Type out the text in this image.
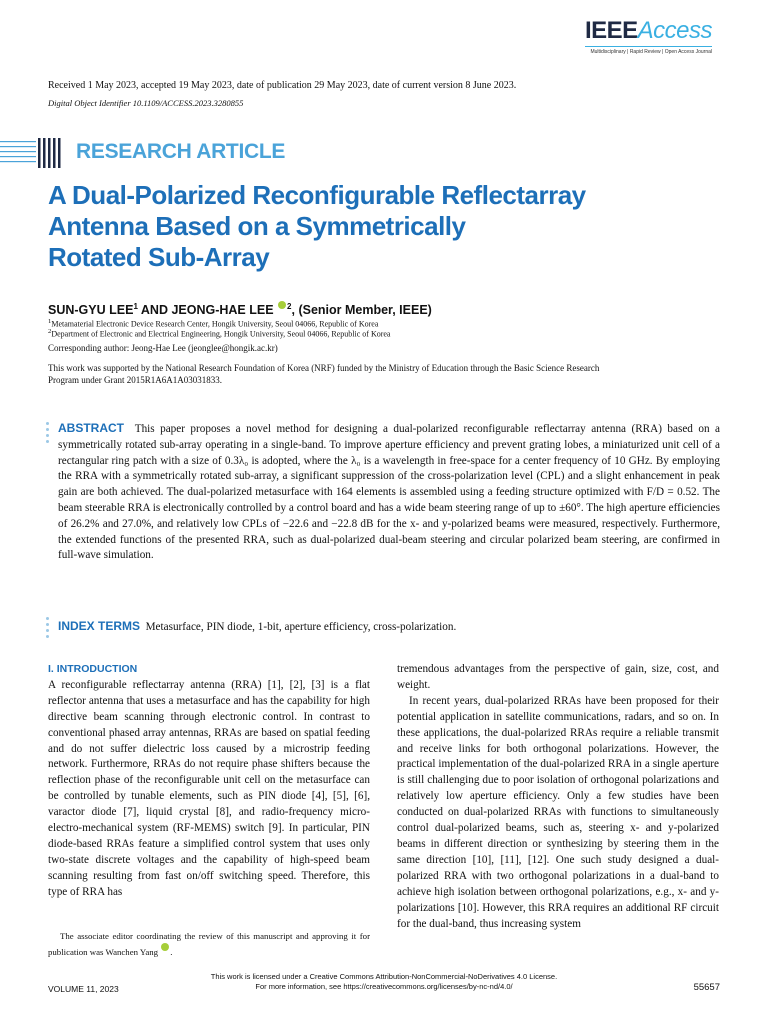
IEEEAccess
Multidisciplinary | Rapid Review | Open Access Journal
Received 1 May 2023, accepted 19 May 2023, date of publication 29 May 2023, date of current version 8 June 2023.
Digital Object Identifier 10.1109/ACCESS.2023.3280855
RESEARCH ARTICLE
A Dual-Polarized Reconfigurable Reflectarray
Antenna Based on a Symmetrically
Rotated Sub-Array
SUN-GYU LEE$^1$ AND JEONG-HAE LEE $^2$, (Senior Member, IEEE)
$^1$Metamaterial Electronic Device Research Center, Hongik University, Seoul 04066, Republic of Korea
$^2$Department of Electronic and Electrical Engineering, Hongik University, Seoul 04066, Republic of Korea
Corresponding author: Jeong-Hae Lee (jeonglee@hongik.ac.kr)
This work was supported by the National Research Foundation of Korea (NRF) funded by the Ministry of Education through the Basic Science Research Program under Grant 2015R1A6A1A03031833.
ABSTRACT This paper proposes a novel method for designing a dual-polarized reconfigurable reflectarray antenna (RRA) based on a symmetrically rotated sub-array operating in a single-band. To improve aperture efficiency and prevent grating lobes, a miniaturized unit cell of a rectangular ring patch with a size of 0.3λ₀ is adopted, where the λ₀ is a wavelength in free-space for a center frequency of 10 GHz. By employing the RRA with a symmetrically rotated sub-array, a significant suppression of the cross-polarization level (CPL) and a slight enhancement in peak gain are both achieved. The dual-polarized metasurface with 164 elements is assembled using a feeding structure optimized with F/D = 0.52. The beam steerable RRA is electronically controlled by a control board and has a wide beam steering range of up to ±60°. The high aperture efficiencies of 26.2% and 27.0%, and relatively low CPLs of −22.6 and −22.8 dB for the x- and y-polarized beams were measured, respectively. Furthermore, the extended functions of the presented RRA, such as dual-polarized dual-beam steering and circular polarized beam steering, are confirmed in full-wave simulation.
INDEX TERMS Metasurface, PIN diode, 1-bit, aperture efficiency, cross-polarization.
I. INTRODUCTION

A reconfigurable reflectarray antenna (RRA) [1], [2], [3] is a flat reflector antenna that uses a metasurface and has the capability for high directive beam scanning through electronic control. In contrast to conventional phased array antennas, RRAs are based on spatial feeding and do not suffer dielectric loss caused by a microstrip feeding network. Furthermore, RRAs do not require phase shifters because the reflection phase of the reconfigurable unit cell on the metasurface can be controlled by tunable elements, such as PIN diode [4], [5], [6], varactor diode [7], liquid crystal [8], and radio-frequency micro-electro-mechanical system (RF-MEMS) switch [9]. In particular, PIN diode-based RRAs feature a simplified control system that uses only two-state discrete voltages and the capability of high-speed beam scanning resulting from fast on/off switching speed. Therefore, this type of RRA has

tremendous advantages from the perspective of gain, size, cost, and weight.

In recent years, dual-polarized RRAs have been proposed for their potential application in satellite communications, radars, and so on. In these applications, the dual-polarized RRAs require a reliable transmit and receive links for both orthogonal polarizations. However, the practical implementation of the dual-polarized RRA in a single aperture is still challenging due to poor isolation of orthogonal polarizations and relatively low aperture efficiency. Only a few studies have been conducted on dual-polarized RRAs with functions to simultaneously control dual-polarized beams, such as, steering x- and y-polarized beams in different direction or synthesizing by steering them in the same direction [10], [11], [12]. One such study designed a dual-polarized RRA with two orthogonal polarizations in a dual-band to achieve high isolation between orthogonal polarizations, e.g., x- and y-polarizations [10]. However, this RRA requires an additional RF circuit for the dual-band, thus increasing system

The associate editor coordinating the review of this manuscript and approving it for publication was Wanchen Yang .
This work is licensed under a Creative Commons Attribution-NonCommercial-NoDerivatives 4.0 License.
For more information, see https://creativecommons.org/licenses/by-nc-nd/4.0/
VOLUME 11, 2023	55657
